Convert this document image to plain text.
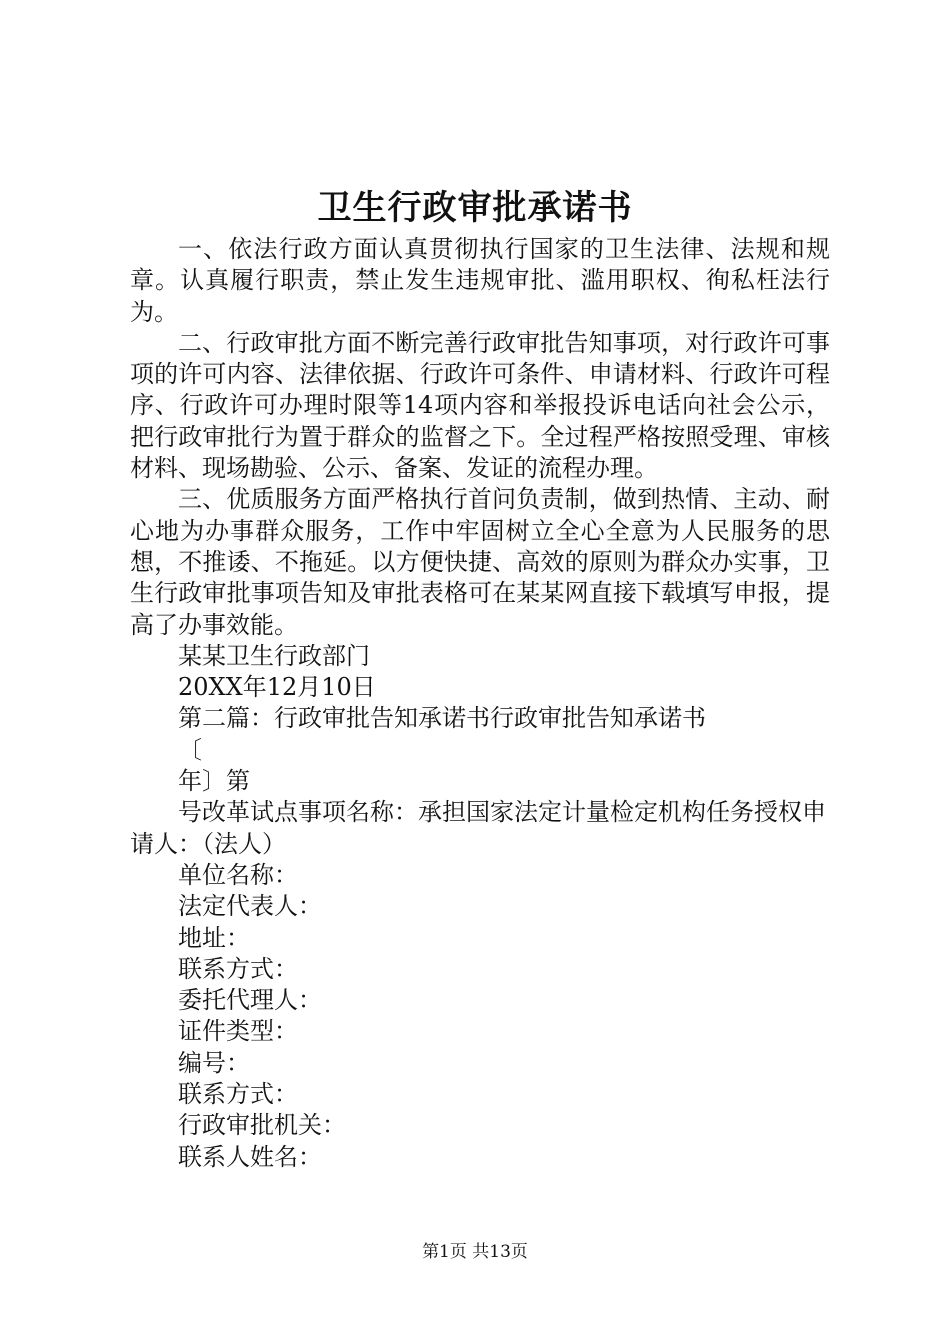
卫生行政审批承诺书

一、依法行政方面认真贯彻执行国家的卫生法律、法规和规章。认真履行职责，禁止发生违规审批、滥用职权、徇私枉法行为。

二、行政审批方面不断完善行政审批告知事项，对行政许可事项的许可内容、法律依据、行政许可条件、申请材料、行政许可程序、行政许可办理时限等14项内容和举报投诉电话向社会公示，把行政审批行为置于群众的监督之下。全过程严格按照受理、审核材料、现场勘验、公示、备案、发证的流程办理。

三、优质服务方面严格执行首问负责制，做到热情、主动、耐心地为办事群众服务，工作中牢固树立全心全意为人民服务的思想，不推诿、不拖延。以方便快捷、高效的原则为群众办实事，卫生行政审批事项告知及审批表格可在某某网直接下载填写申报，提高了办事效能。

某某卫生行政部门

20XX年12月10日

第二篇：行政审批告知承诺书行政审批告知承诺书

〔

年〕第

号改革试点事项名称：承担国家法定计量检定机构任务授权申请人：（法人）

单位名称：

法定代表人：

地址：

联系方式：

委托代理人：

证件类型：

编号：

联系方式：

行政审批机关：

联系人姓名：

第1页 共13页
